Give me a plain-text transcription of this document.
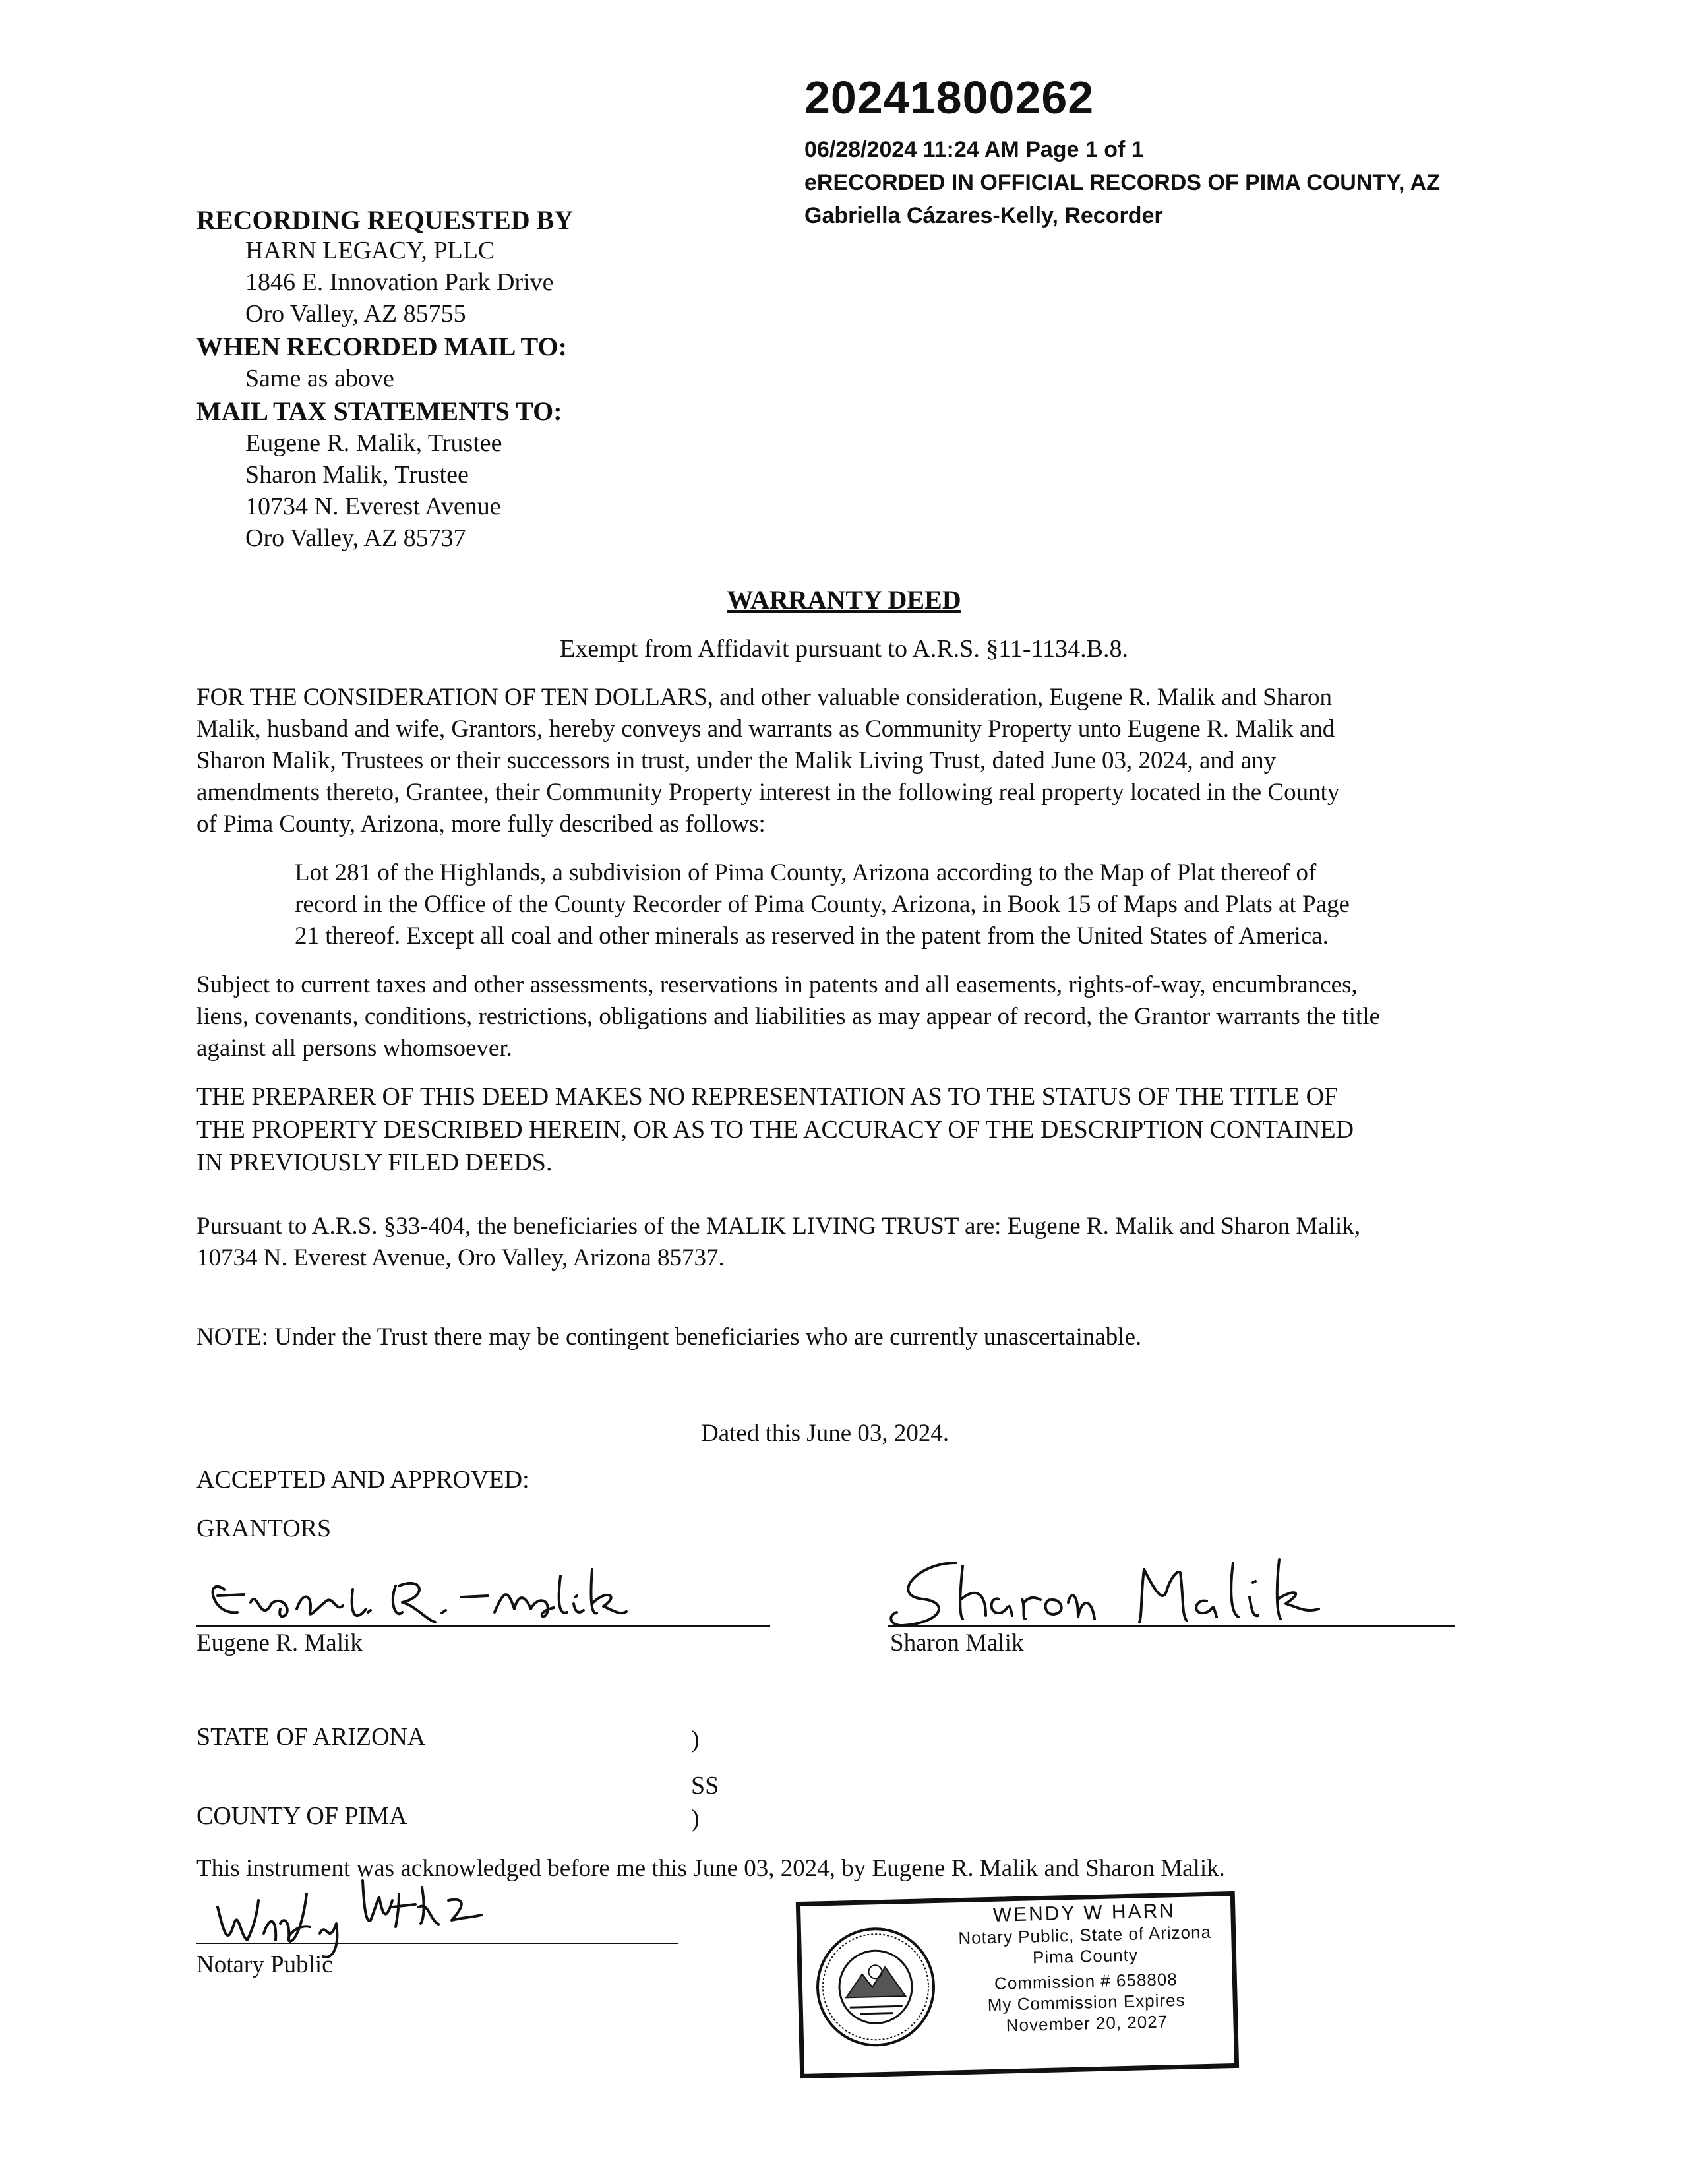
20241800262
06/28/2024 11:24 AM Page 1 of 1
eRECORDED IN OFFICIAL RECORDS OF PIMA COUNTY, AZ
Gabriella Cázares-Kelly, Recorder
RECORDING REQUESTED BY
HARN LEGACY, PLLC
1846 E. Innovation Park Drive
Oro Valley, AZ 85755
WHEN RECORDED MAIL TO:
Same as above
MAIL TAX STATEMENTS TO:
Eugene R. Malik, Trustee
Sharon Malik, Trustee
10734 N. Everest Avenue
Oro Valley, AZ 85737
WARRANTY DEED
Exempt from Affidavit pursuant to A.R.S. §11-1134.B.8.
FOR THE CONSIDERATION OF TEN DOLLARS, and other valuable consideration, Eugene R. Malik and Sharon
Malik, husband and wife, Grantors, hereby conveys and warrants as Community Property unto Eugene R. Malik and
Sharon Malik, Trustees or their successors in trust, under the Malik Living Trust, dated June 03, 2024, and any
amendments thereto, Grantee, their Community Property interest in the following real property located in the County
of Pima County, Arizona, more fully described as follows:
Lot 281 of the Highlands, a subdivision of Pima County, Arizona according to the Map of Plat thereof of
record in the Office of the County Recorder of Pima County, Arizona, in Book 15 of Maps and Plats at Page
21 thereof. Except all coal and other minerals as reserved in the patent from the United States of America.
Subject to current taxes and other assessments, reservations in patents and all easements, rights-of-way, encumbrances,
liens, covenants, conditions, restrictions, obligations and liabilities as may appear of record, the Grantor warrants the title
against all persons whomsoever.
THE PREPARER OF THIS DEED MAKES NO REPRESENTATION AS TO THE STATUS OF THE TITLE OF
THE PROPERTY DESCRIBED HEREIN, OR AS TO THE ACCURACY OF THE DESCRIPTION CONTAINED
IN PREVIOUSLY FILED DEEDS.
Pursuant to A.R.S. §33-404, the beneficiaries of the MALIK LIVING TRUST are: Eugene R. Malik and Sharon Malik,
10734 N. Everest Avenue, Oro Valley, Arizona 85737.
NOTE: Under the Trust there may be contingent beneficiaries who are currently unascertainable.
Dated this June 03, 2024.
ACCEPTED AND APPROVED:
GRANTORS
Eugene R. Malik	Sharon Malik
STATE OF ARIZONA	)
SS
COUNTY OF PIMA	)
This instrument was acknowledged before me this June 03, 2024, by Eugene R. Malik and Sharon Malik.
Notary Public
WENDY W HARN
Notary Public, State of Arizona
Pima County
Commission # 658808
My Commission Expires
November 20, 2027
